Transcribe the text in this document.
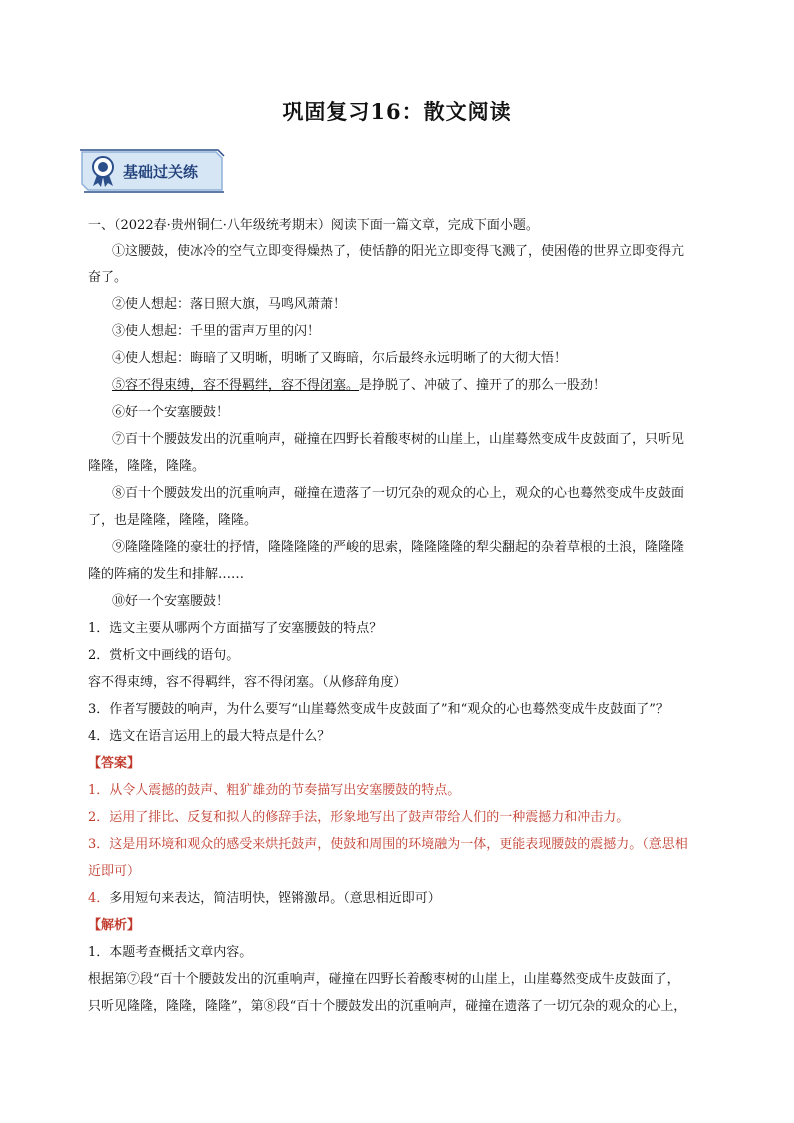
巩固复习16：散文阅读
基础过关练
一、（2022春·贵州铜仁·八年级统考期末）阅读下面一篇文章，完成下面小题。
①这腰鼓，使冰冷的空气立即变得燥热了，使恬静的阳光立即变得飞溅了，使困倦的世界立即变得亢
奋了。
②使人想起：落日照大旗，马鸣风萧萧！
③使人想起：千里的雷声万里的闪！
④使人想起：晦暗了又明晰，明晰了又晦暗，尔后最终永远明晰了的大彻大悟！
⑤容不得束缚，容不得羁绊，容不得闭塞。是挣脱了、冲破了、撞开了的那么一股劲！
⑥好一个安塞腰鼓！
⑦百十个腰鼓发出的沉重响声，碰撞在四野长着酸枣树的山崖上，山崖蓦然变成牛皮鼓面了，只听见
隆隆，隆隆，隆隆。
⑧百十个腰鼓发出的沉重响声，碰撞在遗落了一切冗杂的观众的心上，观众的心也蓦然变成牛皮鼓面
了，也是隆隆，隆隆，隆隆。
⑨隆隆隆隆的豪壮的抒情，隆隆隆隆的严峻的思索，隆隆隆隆的犁尖翻起的杂着草根的土浪，隆隆隆
隆的阵痛的发生和排解……
⑩好一个安塞腰鼓！
1．选文主要从哪两个方面描写了安塞腰鼓的特点？
2．赏析文中画线的语句。
容不得束缚，容不得羁绊，容不得闭塞。（从修辞角度）
3．作者写腰鼓的响声，为什么要写“山崖蓦然变成牛皮鼓面了”和“观众的心也蓦然变成牛皮鼓面了”？
4．选文在语言运用上的最大特点是什么？
【答案】
1．从令人震撼的鼓声、粗犷雄劲的节奏描写出安塞腰鼓的特点。
2．运用了排比、反复和拟人的修辞手法，形象地写出了鼓声带给人们的一种震撼力和冲击力。
3．这是用环境和观众的感受来烘托鼓声，使鼓和周围的环境融为一体，更能表现腰鼓的震撼力。（意思相
近即可）
4．多用短句来表达，简洁明快，铿锵激昂。（意思相近即可）
【解析】
1．本题考查概括文章内容。
根据第⑦段“百十个腰鼓发出的沉重响声，碰撞在四野长着酸枣树的山崖上，山崖蓦然变成牛皮鼓面了，
只听见隆隆，隆隆，隆隆”，第⑧段“百十个腰鼓发出的沉重响声，碰撞在遗落了一切冗杂的观众的心上，
